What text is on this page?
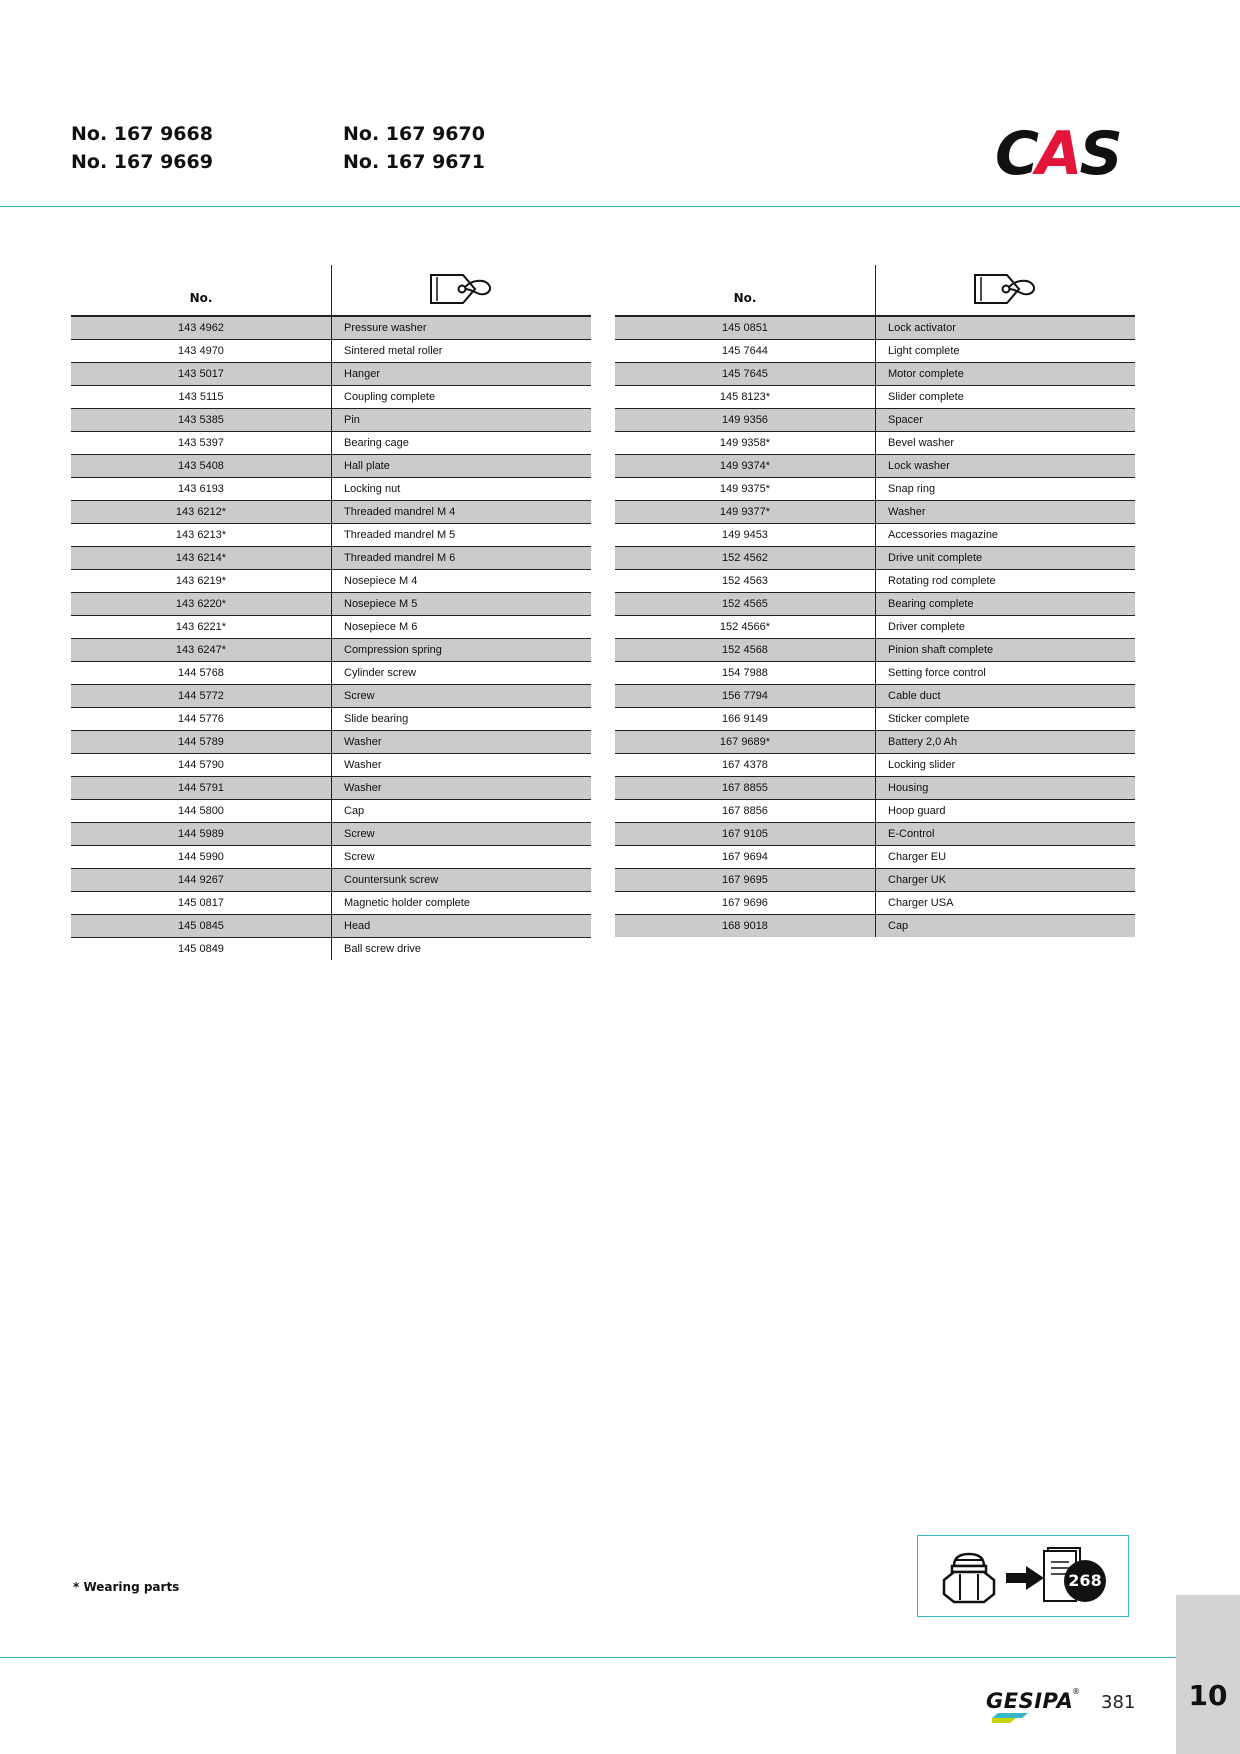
No. 167 9668
No. 167 9669
No. 167 9670
No. 167 9671	CAS
No.	
143 4962	Pressure washer
143 4970	Sintered metal roller
143 5017	Hanger
143 5115	Coupling complete
143 5385	Pin
143 5397	Bearing cage
143 5408	Hall plate
143 6193	Locking nut
143 6212*	Threaded mandrel M 4
143 6213*	Threaded mandrel M 5
143 6214*	Threaded mandrel M 6
143 6219*	Nosepiece M 4
143 6220*	Nosepiece M 5
143 6221*	Nosepiece M 6
143 6247*	Compression spring
144 5768	Cylinder screw
144 5772	Screw
144 5776	Slide bearing
144 5789	Washer
144 5790	Washer
144 5791	Washer
144 5800	Cap
144 5989	Screw
144 5990	Screw
144 9267	Countersunk screw
145 0817	Magnetic holder complete
145 0845	Head
145 0849	Ball screw drive
No.	
145 0851	Lock activator
145 7644	Light complete
145 7645	Motor complete
145 8123*	Slider complete
149 9356	Spacer
149 9358*	Bevel washer
149 9374*	Lock washer
149 9375*	Snap ring
149 9377*	Washer
149 9453	Accessories magazine
152 4562	Drive unit complete
152 4563	Rotating rod complete
152 4565	Bearing complete
152 4566*	Driver complete
152 4568	Pinion shaft complete
154 7988	Setting force control
156 7794	Cable duct
166 9149	Sticker complete
167 9689*	Battery 2,0 Ah
167 4378	Locking slider
167 8855	Housing
167 8856	Hoop guard
167 9105	E-Control
167 9694	Charger EU
167 9695	Charger UK
167 9696	Charger USA
168 9018	Cap
* Wearing parts	268
GESIPA
®
381	10
